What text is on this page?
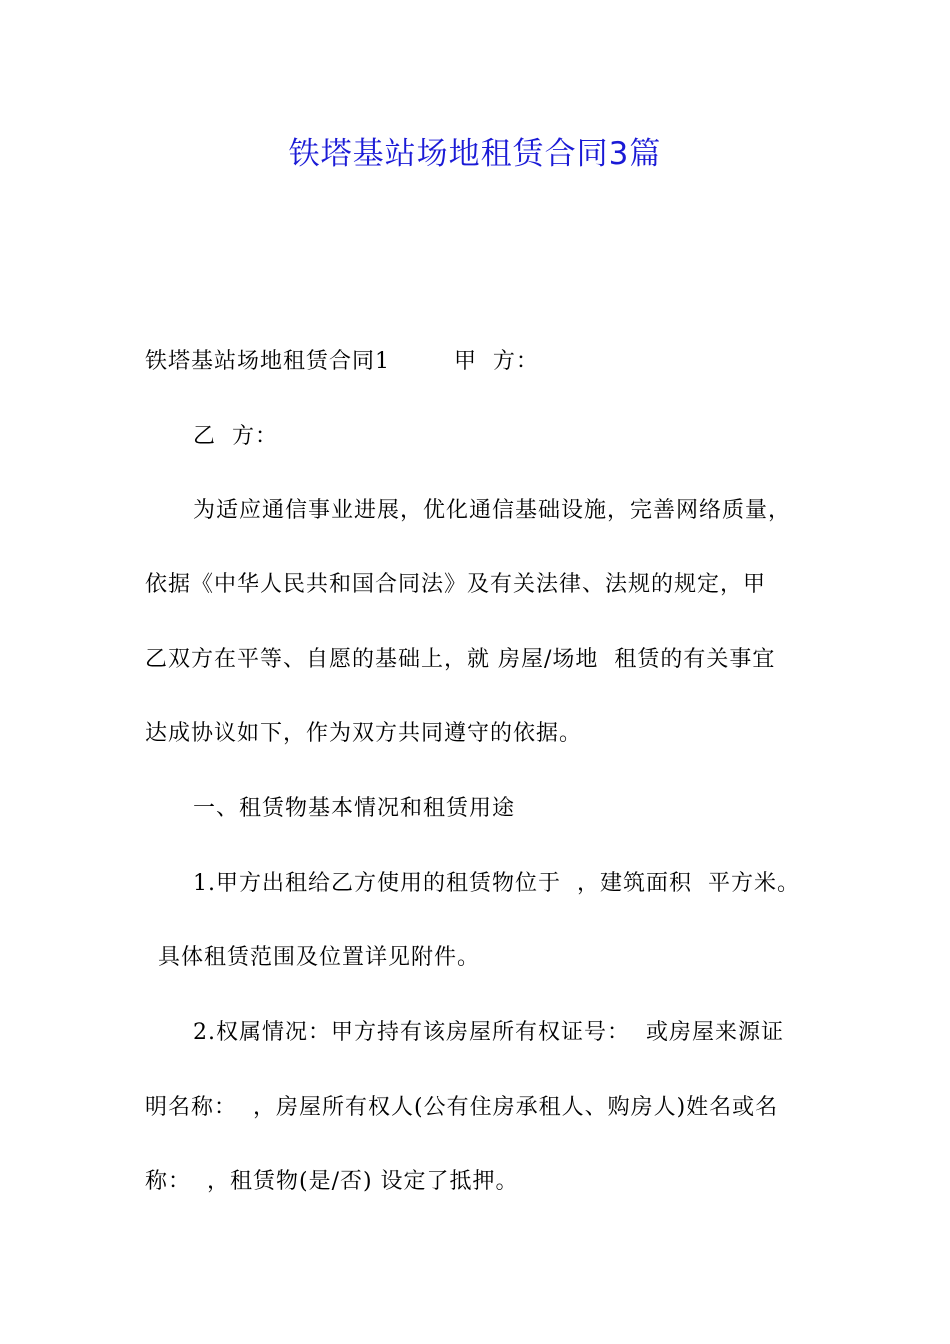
铁塔基站场地租赁合同3篇
铁塔基站场地租赁合同1        甲  方：
乙  方：
为适应通信事业进展，优化通信基础设施，完善网络质量，
依据《中华人民共和国合同法》及有关法律、法规的规定，甲
乙双方在平等、自愿的基础上，就 房屋/场地  租赁的有关事宜
达成协议如下，作为双方共同遵守的依据。
一、租赁物基本情况和租赁用途
1.甲方出租给乙方使用的租赁物位于  ，建筑面积  平方米。
具体租赁范围及位置详见附件。
2.权属情况：甲方持有该房屋所有权证号：  或房屋来源证
明名称：  ，房屋所有权人(公有住房承租人、购房人)姓名或名
称：  ，租赁物(是/否) 设定了抵押。
